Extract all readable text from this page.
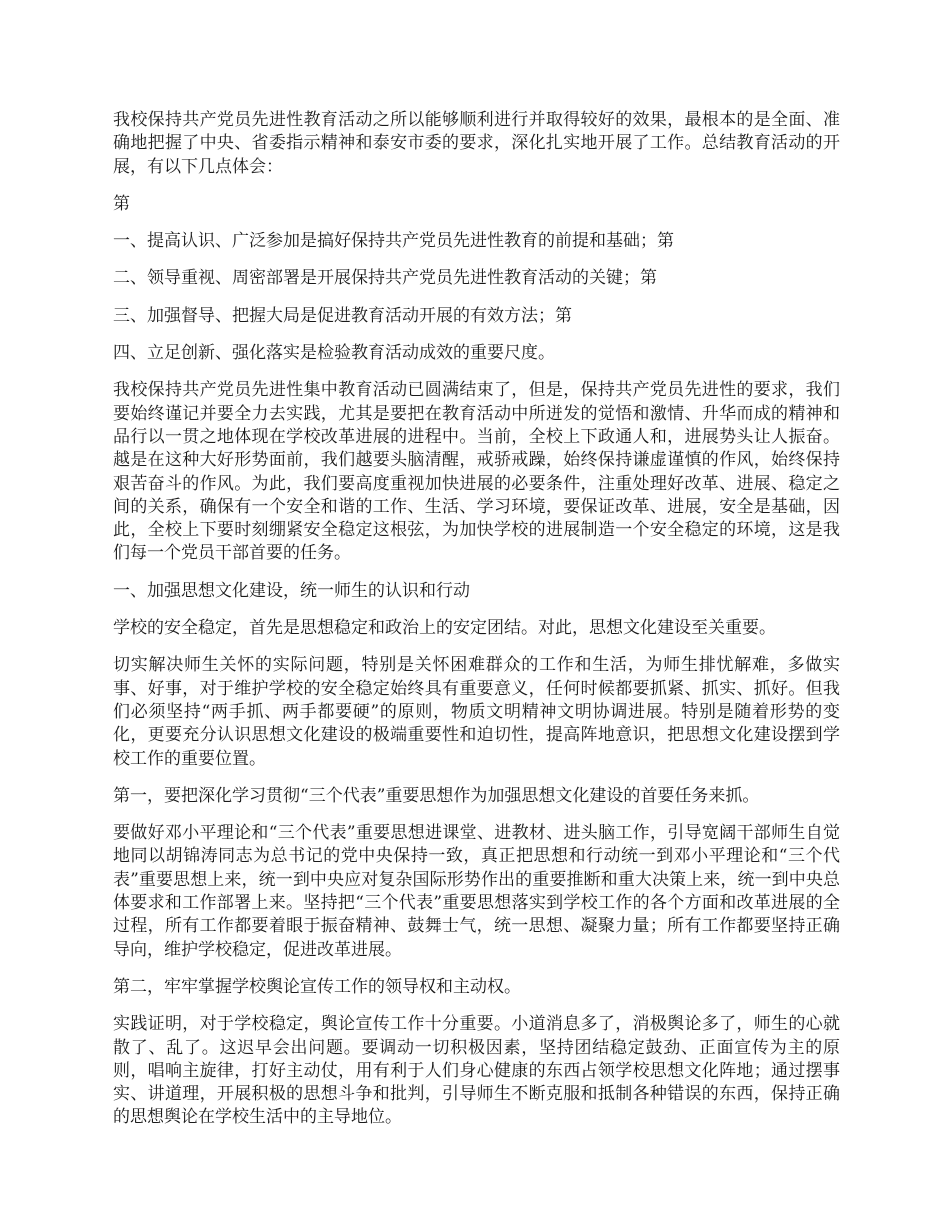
我校保持共产党员先进性教育活动之所以能够顺利进行并取得较好的效果，最根本的是全面、准确地把握了中央、省委指示精神和泰安市委的要求，深化扎实地开展了工作。总结教育活动的开展，有以下几点体会：

第

一、提高认识、广泛参加是搞好保持共产党员先进性教育的前提和基础；第

二、领导重视、周密部署是开展保持共产党员先进性教育活动的关键；第

三、加强督导、把握大局是促进教育活动开展的有效方法；第

四、立足创新、强化落实是检验教育活动成效的重要尺度。

我校保持共产党员先进性集中教育活动已圆满结束了，但是，保持共产党员先进性的要求，我们要始终谨记并要全力去实践，尤其是要把在教育活动中所迸发的觉悟和激情、升华而成的精神和品行以一贯之地体现在学校改革进展的进程中。当前，全校上下政通人和，进展势头让人振奋。越是在这种大好形势面前，我们越要头脑清醒，戒骄戒躁，始终保持谦虚谨慎的作风，始终保持艰苦奋斗的作风。为此，我们要高度重视加快进展的必要条件，注重处理好改革、进展、稳定之间的关系，确保有一个安全和谐的工作、生活、学习环境，要保证改革、进展，安全是基础，因此，全校上下要时刻绷紧安全稳定这根弦，为加快学校的进展制造一个安全稳定的环境，这是我们每一个党员干部首要的任务。

一、加强思想文化建设，统一师生的认识和行动

学校的安全稳定，首先是思想稳定和政治上的安定团结。对此，思想文化建设至关重要。

切实解决师生关怀的实际问题，特别是关怀困难群众的工作和生活，为师生排忧解难，多做实事、好事，对于维护学校的安全稳定始终具有重要意义，任何时候都要抓紧、抓实、抓好。但我们必须坚持“两手抓、两手都要硬”的原则，物质文明精神文明协调进展。特别是随着形势的变化，更要充分认识思想文化建设的极端重要性和迫切性，提高阵地意识，把思想文化建设摆到学校工作的重要位置。

第一，要把深化学习贯彻“三个代表”重要思想作为加强思想文化建设的首要任务来抓。

要做好邓小平理论和“三个代表”重要思想进课堂、进教材、进头脑工作，引导宽阔干部师生自觉地同以胡锦涛同志为总书记的党中央保持一致，真正把思想和行动统一到邓小平理论和“三个代表”重要思想上来，统一到中央应对复杂国际形势作出的重要推断和重大决策上来，统一到中央总体要求和工作部署上来。坚持把“三个代表”重要思想落实到学校工作的各个方面和改革进展的全过程，所有工作都要着眼于振奋精神、鼓舞士气，统一思想、凝聚力量；所有工作都要坚持正确导向，维护学校稳定，促进改革进展。

第二，牢牢掌握学校舆论宣传工作的领导权和主动权。

实践证明，对于学校稳定，舆论宣传工作十分重要。小道消息多了，消极舆论多了，师生的心就散了、乱了。这迟早会出问题。要调动一切积极因素，坚持团结稳定鼓劲、正面宣传为主的原则，唱响主旋律，打好主动仗，用有利于人们身心健康的东西占领学校思想文化阵地；通过摆事实、讲道理，开展积极的思想斗争和批判，引导师生不断克服和抵制各种错误的东西，保持正确的思想舆论在学校生活中的主导地位。
